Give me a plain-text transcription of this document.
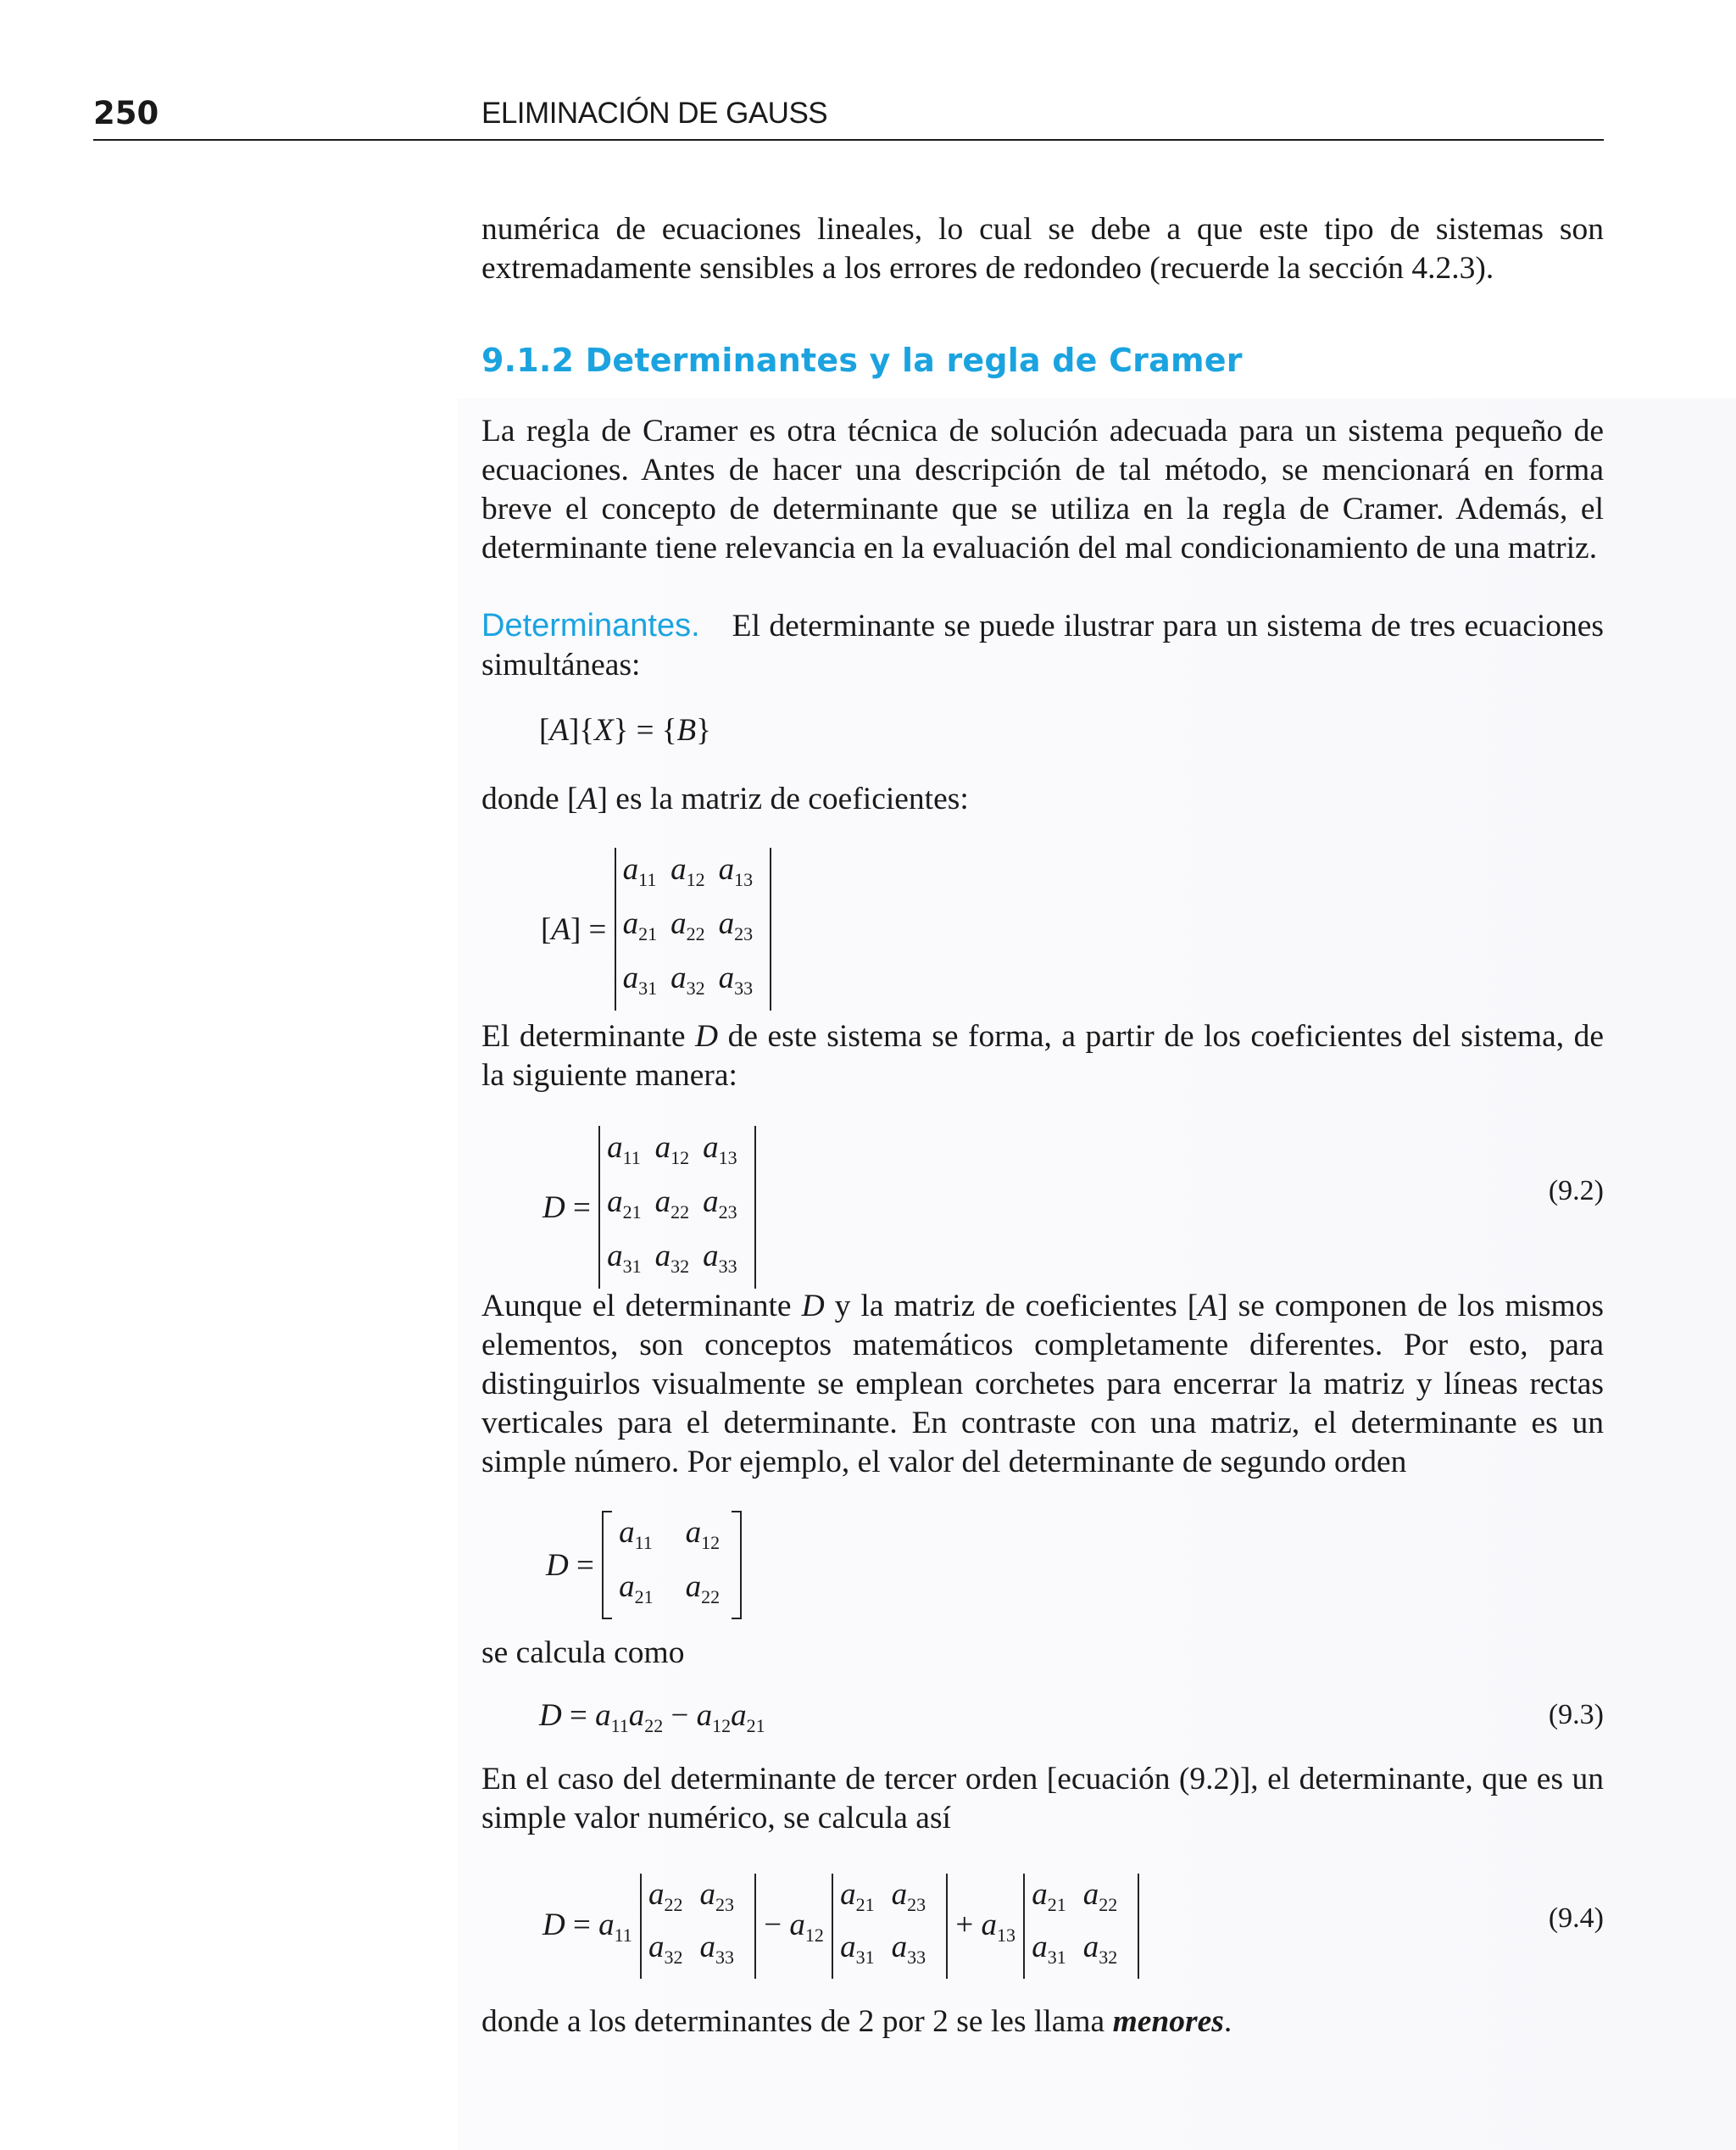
250	ELIMINACIÓN DE GAUSS

numérica de ecuaciones lineales, lo cual se debe a que este tipo de sistemas son extremadamente sensibles a los errores de redondeo (recuerde la sección 4.2.3).

9.1.2 Determinantes y la regla de Cramer

La regla de Cramer es otra técnica de solución adecuada para un sistema pequeño de ecuaciones. Antes de hacer una descripción de tal método, se mencionará en forma breve el concepto de determinante que se utiliza en la regla de Cramer. Además, el determinante tiene relevancia en la evaluación del mal condicionamiento de una matriz.

Determinantes. El determinante se puede ilustrar para un sistema de tres ecuaciones simultáneas:

[A]{X} = {B}

donde [A] es la matriz de coeficientes:

[A] =
$a_{11}$	$a_{12}$	$a_{13}$
$a_{21}$	$a_{22}$	$a_{23}$
$a_{31}$	$a_{32}$	$a_{33}$

El determinante D de este sistema se forma, a partir de los coeficientes del sistema, de la siguiente manera:

D =
$a_{11}$	$a_{12}$	$a_{13}$
$a_{21}$	$a_{22}$	$a_{23}$
$a_{31}$	$a_{32}$	$a_{33}$
(9.2)

Aunque el determinante D y la matriz de coeficientes [A] se componen de los mismos elementos, son conceptos matemáticos completamente diferentes. Por esto, para distinguirlos visualmente se emplean corchetes para encerrar la matriz y líneas rectas verticales para el determinante. En contraste con una matriz, el determinante es un simple número. Por ejemplo, el valor del determinante de segundo orden

D =
$a_{11}$	$a_{12}$
$a_{21}$	$a_{22}$

se calcula como

$D = a_{11}a_{22} - a_{12}a_{21}$	(9.3)

En el caso del determinante de tercer orden [ecuación (9.2)], el determinante, que es un simple valor numérico, se calcula así

$D = a_{11}$
$a_{22}$	$a_{23}$
$a_{32}$	$a_{33}$
− $a_{12}$
$a_{21}$	$a_{23}$
$a_{31}$	$a_{33}$
+ $a_{13}$
$a_{21}$	$a_{22}$
$a_{31}$	$a_{32}$
(9.4)

donde a los determinantes de 2 por 2 se les llama menores.
